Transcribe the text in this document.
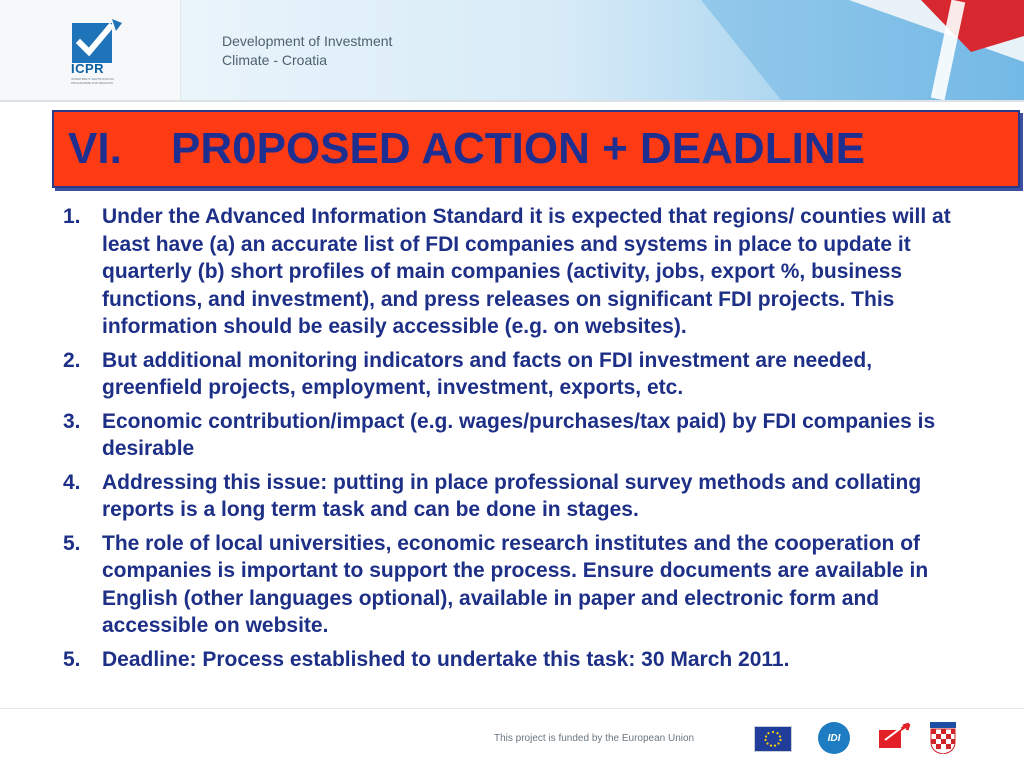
ICPR
INVESTMENT CERTIFICATION PROGRAMME FOR REGIONS
Development of Investment
Climate - Croatia
VI. PR0POSED ACTION + DEADLINE
1.	Under the Advanced Information Standard it is expected that regions/ counties will at least have (a) an accurate list of FDI companies and systems in place to update it quarterly (b) short profiles of main companies (activity, jobs, export %, business functions, and investment), and press releases on significant FDI projects. This information should be easily accessible (e.g. on websites).
2.	But additional monitoring indicators and facts on FDI investment are needed, greenfield projects, employment, investment, exports, etc.
3.	Economic contribution/impact (e.g. wages/purchases/tax paid) by FDI companies is desirable
4.	Addressing this issue: putting in place professional survey methods and collating reports is a long term task and can be done in stages.
5.	The role of local universities, economic research institutes and the cooperation of companies is important to support the process. Ensure documents are available in English (other languages optional), available in paper and electronic form and accessible on website.
5.	Deadline: Process established to undertake this task: 30 March 2011.
This project is funded by the European Union	IDI
